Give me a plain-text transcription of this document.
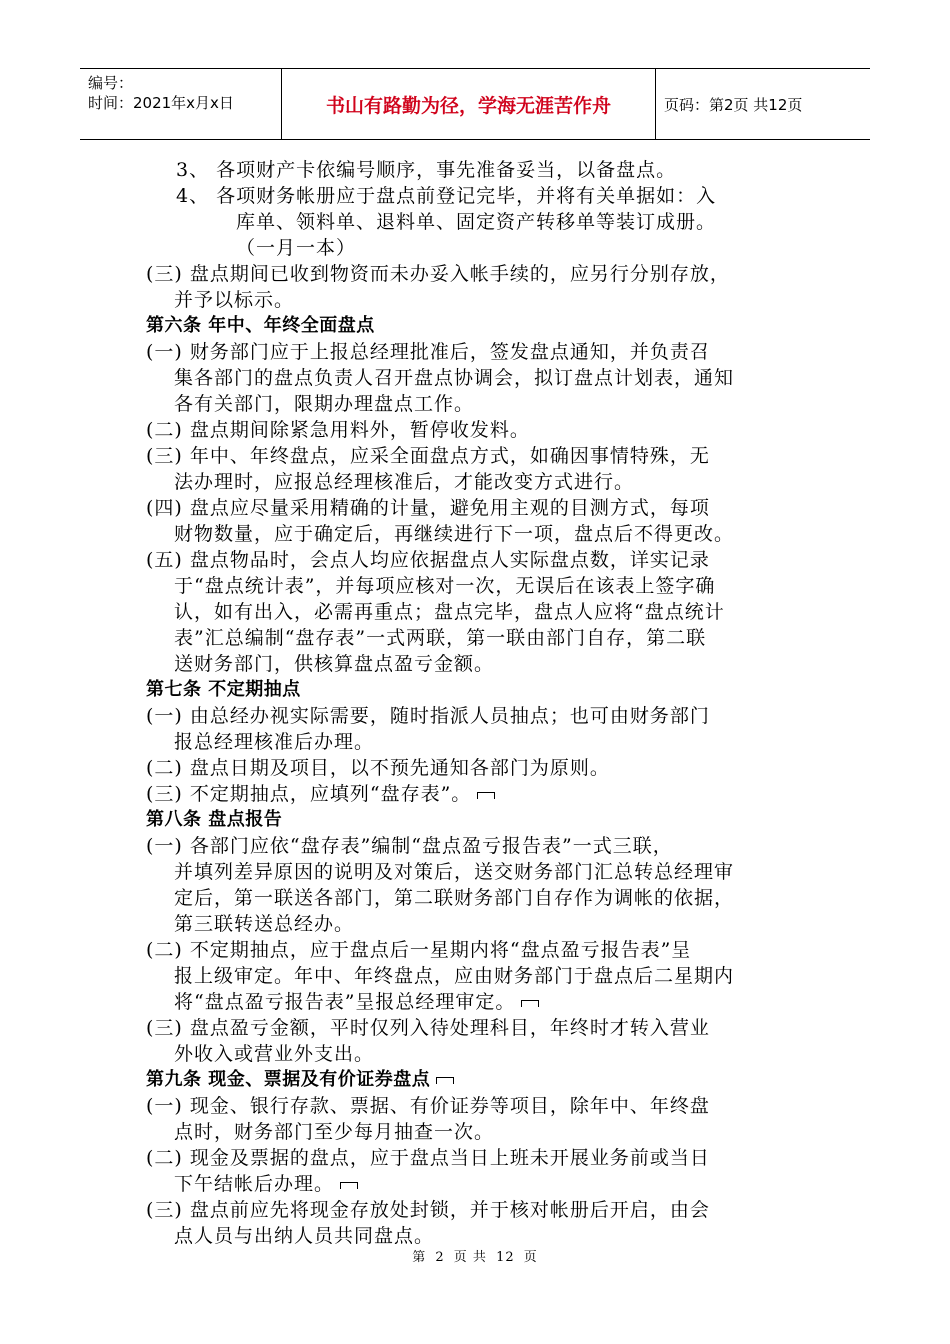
编号：
时间：2021年x月x日	书山有路勤为径，学海无涯苦作舟	页码：第2页 共12页
3、 各项财产卡依编号顺序，事先准备妥当，以备盘点。
4、 各项财务帐册应于盘点前登记完毕，并将有关单据如：入
库单、领料单、退料单、固定资产转移单等装订成册。
（一月一本）
(三) 盘点期间已收到物资而未办妥入帐手续的，应另行分别存放，
并予以标示。
第六条 年中、年终全面盘点
(一) 财务部门应于上报总经理批准后，签发盘点通知，并负责召
集各部门的盘点负责人召开盘点协调会，拟订盘点计划表，通知
各有关部门，限期办理盘点工作。
(二) 盘点期间除紧急用料外，暂停收发料。
(三) 年中、年终盘点，应采全面盘点方式，如确因事情特殊，无
法办理时，应报总经理核准后，才能改变方式进行。
(四) 盘点应尽量采用精确的计量，避免用主观的目测方式，每项
财物数量，应于确定后，再继续进行下一项，盘点后不得更改。
(五) 盘点物品时，会点人均应依据盘点人实际盘点数，详实记录
于“盘点统计表”，并每项应核对一次，无误后在该表上签字确
认，如有出入，必需再重点；盘点完毕，盘点人应将“盘点统计
表”汇总编制“盘存表”一式两联，第一联由部门自存，第二联
送财务部门，供核算盘点盈亏金额。
第七条 不定期抽点
(一) 由总经办视实际需要，随时指派人员抽点；也可由财务部门
报总经理核准后办理。
(二) 盘点日期及项目，以不预先通知各部门为原则。
(三) 不定期抽点，应填列“盘存表”。
第八条 盘点报告
(一) 各部门应依“盘存表”编制“盘点盈亏报告表”一式三联，
并填列差异原因的说明及对策后，送交财务部门汇总转总经理审
定后，第一联送各部门，第二联财务部门自存作为调帐的依据，
第三联转送总经办。
(二) 不定期抽点，应于盘点后一星期内将“盘点盈亏报告表”呈
报上级审定。年中、年终盘点，应由财务部门于盘点后二星期内
将“盘点盈亏报告表”呈报总经理审定。
(三) 盘点盈亏金额，平时仅列入待处理科目，年终时才转入营业
外收入或营业外支出。
第九条 现金、票据及有价证券盘点
(一) 现金、银行存款、票据、有价证券等项目，除年中、年终盘
点时，财务部门至少每月抽查一次。
(二) 现金及票据的盘点，应于盘点当日上班未开展业务前或当日
下午结帐后办理。
(三) 盘点前应先将现金存放处封锁，并于核对帐册后开启，由会
点人员与出纳人员共同盘点。
第 2 页 共 12 页
